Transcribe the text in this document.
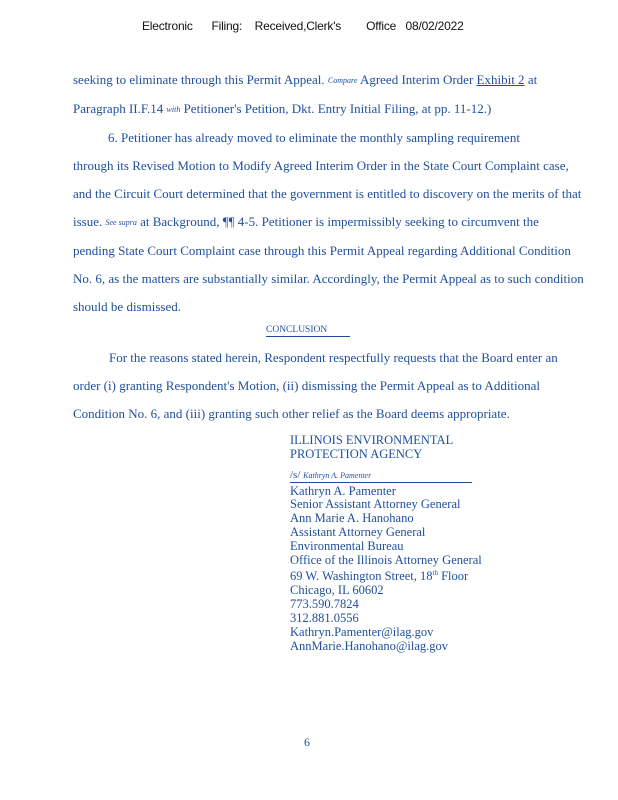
Electronic      Filing:    Received,Clerk's        Office   08/02/2022

seeking to eliminate through this Permit Appeal. Compare Agreed Interim Order Exhibit 2 at

Paragraph II.F.14 with Petitioner's Petition, Dkt. Entry Initial Filing, at pp. 11-12.)

6. Petitioner has already moved to eliminate the monthly sampling requirement

through its Revised Motion to Modify Agreed Interim Order in the State Court Complaint case,

and the Circuit Court determined that the government is entitled to discovery on the merits of that

issue. See supra at Background, ¶¶ 4-5. Petitioner is impermissibly seeking to circumvent the

pending State Court Complaint case through this Permit Appeal regarding Additional Condition

No. 6, as the matters are substantially similar. Accordingly, the Permit Appeal as to such condition

should be dismissed.

CONCLUSION

For the reasons stated herein, Respondent respectfully requests that the Board enter an

order (i) granting Respondent's Motion, (ii) dismissing the Permit Appeal as to Additional

Condition No. 6, and (iii) granting such other relief as the Board deems appropriate.

ILLINOIS ENVIRONMENTAL
PROTECTION AGENCY
/s/ Kathryn A. Pamenter
Kathryn A. Pamenter
Senior Assistant Attorney General
Ann Marie A. Hanohano
Assistant Attorney General
Environmental Bureau
Office of the Illinois Attorney General
69 W. Washington Street, 18th Floor
Chicago, IL 60602
773.590.7824
312.881.0556
Kathryn.Pamenter@ilag.gov
AnnMarie.Hanohano@ilag.gov
6
